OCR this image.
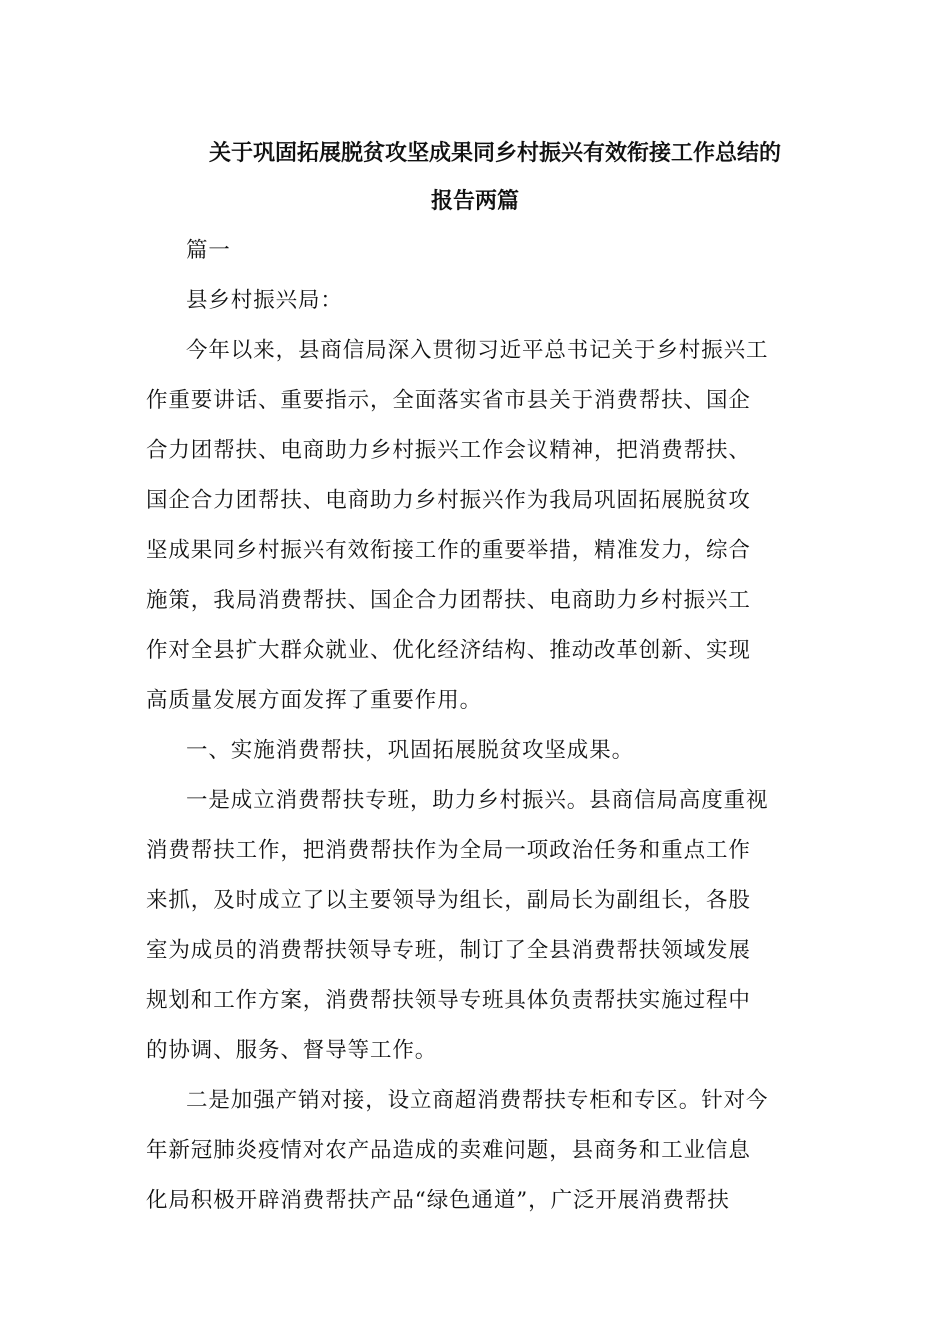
关于巩固拓展脱贫攻坚成果同乡村振兴有效衔接工作总结的
报告两篇
篇一
县乡村振兴局：
今年以来，县商信局深入贯彻习近平总书记关于乡村振兴工
作重要讲话、重要指示，全面落实省市县关于消费帮扶、国企
合力团帮扶、电商助力乡村振兴工作会议精神，把消费帮扶、
国企合力团帮扶、电商助力乡村振兴作为我局巩固拓展脱贫攻
坚成果同乡村振兴有效衔接工作的重要举措，精准发力，综合
施策，我局消费帮扶、国企合力团帮扶、电商助力乡村振兴工
作对全县扩大群众就业、优化经济结构、推动改革创新、实现
高质量发展方面发挥了重要作用。
一、实施消费帮扶，巩固拓展脱贫攻坚成果。
一是成立消费帮扶专班，助力乡村振兴。县商信局高度重视
消费帮扶工作，把消费帮扶作为全局一项政治任务和重点工作
来抓，及时成立了以主要领导为组长，副局长为副组长，各股
室为成员的消费帮扶领导专班，制订了全县消费帮扶领域发展
规划和工作方案，消费帮扶领导专班具体负责帮扶实施过程中
的协调、服务、督导等工作。
二是加强产销对接，设立商超消费帮扶专柜和专区。针对今
年新冠肺炎疫情对农产品造成的卖难问题，县商务和工业信息
化局积极开辟消费帮扶产品“绿色通道”，广泛开展消费帮扶
